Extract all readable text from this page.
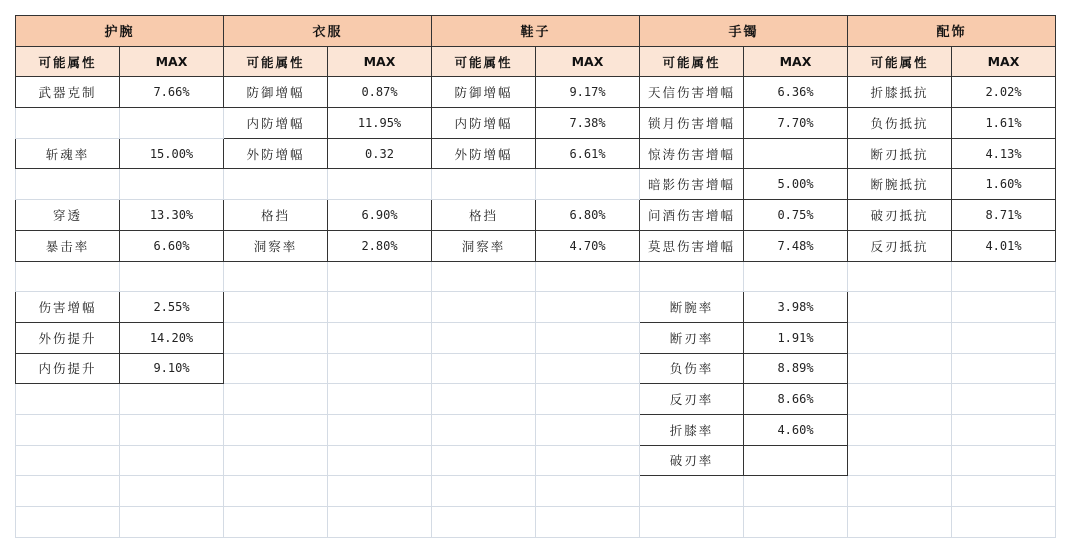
护腕		衣服		鞋子		手镯		配饰	
可能属性	MAX	可能属性	MAX	可能属性	MAX	可能属性	MAX	可能属性	MAX
武器克制	7.66%	防御增幅	0.87%	防御增幅	9.17%	天信伤害增幅	6.36%	折膝抵抗	2.02%
		内防增幅	11.95%	内防增幅	7.38%	锁月伤害增幅	7.70%	负伤抵抗	1.61%
斩魂率	15.00%	外防增幅	0.32	外防增幅	6.61%	惊涛伤害增幅		断刃抵抗	4.13%
						暗影伤害增幅	5.00%	断腕抵抗	1.60%
穿透	13.30%	格挡	6.90%	格挡	6.80%	问酒伤害增幅	0.75%	破刃抵抗	8.71%
暴击率	6.60%	洞察率	2.80%	洞察率	4.70%	莫思伤害增幅	7.48%	反刃抵抗	4.01%

伤害增幅	2.55%					断腕率	3.98%		
外伤提升	14.20%					断刃率	1.91%		
内伤提升	9.10%					负伤率	8.89%		
						反刃率	8.66%		
						折膝率	4.60%		
						破刃率			
